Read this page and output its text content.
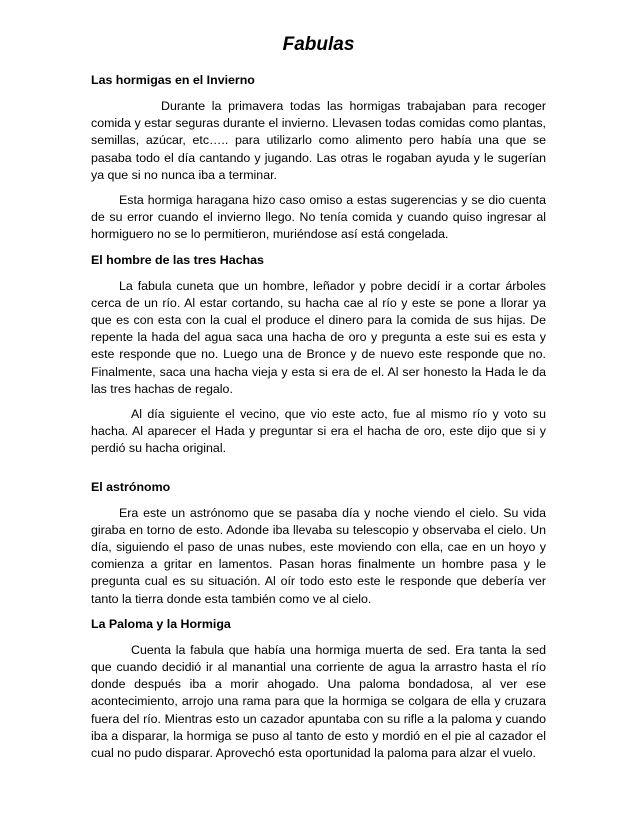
Fabulas
Las hormigas en el Invierno

Durante la primavera todas las hormigas trabajaban para recoger comida y estar seguras durante el invierno. Llevasen todas comidas como plantas, semillas, azúcar, etc….. para utilizarlo como alimento pero había una que se pasaba todo el día cantando y jugando. Las otras le rogaban ayuda y le sugerían ya que si no nunca iba a terminar.

Esta hormiga haragana hizo caso omiso a estas sugerencias y se dio cuenta de su error cuando el invierno llego. No tenía comida y cuando quiso ingresar al hormiguero no se lo permitieron, muriéndose así está congelada.

El hombre de las tres Hachas

La fabula cuneta que un hombre, leñador y pobre decidí ir a cortar árboles cerca de un río. Al estar cortando, su hacha cae al río y este se pone a llorar ya que es con esta con la cual el produce el dinero para la comida de sus hijas. De repente la hada del agua saca una hacha de oro y pregunta a este sui es esta y este responde que no. Luego una de Bronce y de nuevo este responde que no. Finalmente, saca una hacha vieja y esta si era de el. Al ser honesto la Hada le da las tres hachas de regalo.

Al día siguiente el vecino, que vio este acto, fue al mismo río y voto su hacha. Al aparecer el Hada y preguntar si era el hacha de oro, este dijo que si y perdió su hacha original.

El astrónomo

Era este un astrónomo que se pasaba día y noche viendo el cielo. Su vida giraba en torno de esto. Adonde iba llevaba su telescopio y observaba el cielo. Un día, siguiendo el paso de unas nubes, este moviendo con ella, cae en un hoyo y comienza a gritar en lamentos. Pasan horas finalmente un hombre pasa y le pregunta cual es su situación. Al oír todo esto este le responde que debería ver tanto la tierra donde esta también como ve al cielo.

La Paloma y la Hormiga

Cuenta la fabula que había una hormiga muerta de sed. Era tanta la sed que cuando decidió ir al manantial una corriente de agua la arrastro hasta el río donde después iba a morir ahogado. Una paloma bondadosa, al ver ese acontecimiento, arrojo una rama para que la hormiga se colgara de ella y cruzara fuera del río. Mientras esto un cazador apuntaba con su rifle a la paloma y cuando iba a disparar, la hormiga se puso al tanto de esto y mordió en el pie al cazador el cual no pudo disparar. Aprovechó esta oportunidad la paloma para alzar el vuelo.
